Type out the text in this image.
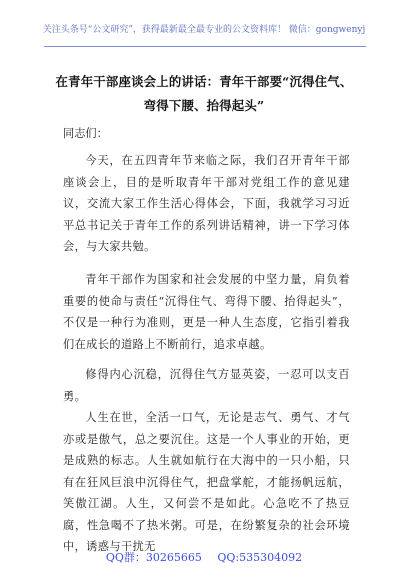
关注头条号“公文研究”，获得最新最全最专业的公文资料库！ 微信：gongwenyj
在青年干部座谈会上的讲话：青年干部要“沉得住气、弯得下腰、抬得起头”
同志们：

今天，在五四青年节来临之际，我们召开青年干部座谈会上，目的是听取青年干部对党组工作的意见建议，交流大家工作生活心得体会，下面，我就学习习近平总书记关于青年工作的系列讲话精神，讲一下学习体会，与大家共勉。

青年干部作为国家和社会发展的中坚力量，肩负着重要的使命与责任“沉得住气、弯得下腰、抬得起头”，不仅是一种行为准则，更是一种人生态度，它指引着我们在成长的道路上不断前行，追求卓越。

修得内心沉稳，沉得住气方显英姿，一忍可以支百勇。

人生在世，全活一口气，无论是志气、勇气、才气亦或是傲气，总之要沉住。这是一个人事业的开始，更是成熟的标志。人生就如航行在大海中的一只小船，只有在狂风巨浪中沉得住气，把盘掌舵，才能扬帆远航，笑傲江湖。人生，又何尝不是如此。心急吃不了热豆腐，性急喝不了热米粥。可是，在纷繁复杂的社会环境中，诱惑与干扰无

QQ群：30265665 QQ:535304092
